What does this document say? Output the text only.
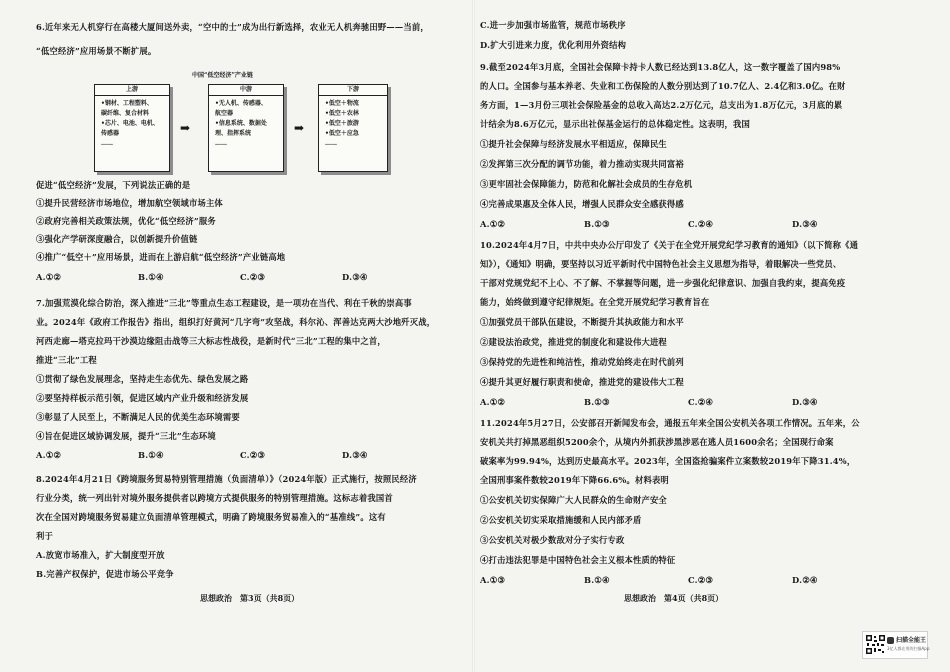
6.近年来无人机穿行在高楼大厦间送外卖，“空中的士”成为出行新选择，农业无人机奔驰田野——当前，
“低空经济”应用场景不断扩展。
中国“低空经济”产业链
上游
•钢材、工程塑料、
碳纤维、复合材料
•芯片、电池、电机、
传感器
……
➡
中游
•无人机、传感器、
航空器
•信息系统、数据处
理、指挥系统
……
➡
下游
•低空＋物流
•低空＋农林
•低空＋旅游
•低空＋应急
……
促进“低空经济”发展，下列说法正确的是
①提升民营经济市场地位，增加航空领域市场主体
②政府完善相关政策法规，优化“低空经济”服务
③强化产学研深度融合，以创新提升价值链
④推广“低空＋”应用场景，进而在上游启航“低空经济”产业链高地
A.①②	B.①④	C.②③	D.③④
7.加强荒漠化综合防治，深入推进“三北”等重点生态工程建设，是一项功在当代、利在千秋的崇高事
业。2024年《政府工作报告》指出，组织打好黄河“几字弯”攻坚战，科尔沁、浑善达克两大沙地歼灭战，
河西走廊—塔克拉玛干沙漠边缘阻击战等三大标志性战役，是新时代“三北”工程的集中之首，
推进“三北”工程
①贯彻了绿色发展理念，坚持走生态优先、绿色发展之路
②要坚持样板示范引领，促进区域内产业升级和经济发展
③彰显了人民至上，不断满足人民的优美生态环境需要
④旨在促进区域协调发展，提升“三北”生态环境
A.①②	B.①④	C.②③	D.③④
8.2024年4月21日《跨境服务贸易特别管理措施（负面清单）》（2024年版）正式施行，按照民经济
行业分类，统一列出针对境外服务提供者以跨境方式提供服务的特别管理措施。这标志着我国首
次在全国对跨境服务贸易建立负面清单管理模式，明确了跨境服务贸易准入的“基准线”。这有
利于
A.放宽市场准入，扩大制度型开放
B.完善产权保护，促进市场公平竞争
思想政治　第3页（共8页）
C.进一步加强市场监管，规范市场秩序
D.扩大引进来力度，优化利用外资结构
9.截至2024年3月底，全国社会保障卡持卡人数已经达到13.8亿人，这一数字覆盖了国内98%
的人口。全国参与基本养老、失业和工伤保险的人数分别达到了10.7亿人、2.4亿和3.0亿。在财
务方面，1—3月份三项社会保险基金的总收入高达2.2万亿元，总支出为1.8万亿元，3月底的累
计结余为8.6万亿元，显示出社保基金运行的总体稳定性。这表明，我国
①提升社会保障与经济发展水平相适应，保障民生
②发挥第三次分配的调节功能，着力推动实现共同富裕
③更牢固社会保障能力，防范和化解社会成员的生存危机
④完善成果惠及全体人民，增强人民群众安全感获得感
A.①②	B.①③	C.②④	D.③④
10.2024年4月7日，中共中央办公厅印发了《关于在全党开展党纪学习教育的通知》（以下简称《通
知》），《通知》明确，要坚持以习近平新时代中国特色社会主义思想为指导，着眼解决一些党员、
干部对党规党纪不上心、不了解、不掌握等问题，进一步强化纪律意识、加强自我约束，提高免疫
能力，始终做到遵守纪律规矩。在全党开展党纪学习教育旨在
①加强党员干部队伍建设，不断提升其执政能力和水平
②建设法治政党，推进党的制度化和建设伟大进程
③保持党的先进性和纯洁性，推动党始终走在时代前列
④提升其更好履行职责和使命，推进党的建设伟大工程
A.①②	B.①③	C.②④	D.③④
11.2024年5月27日，公安部召开新闻发布会，通报五年来全国公安机关各项工作情况。五年来，公
安机关共打掉黑恶组织5200余个，从境内外抓获涉黑涉恶在逃人员1600余名；全国现行命案
破案率为99.94%，达到历史最高水平。2023年，全国盗抢骗案件立案数较2019年下降31.4%，
全国刑事案件数较2019年下降66.6%。材料表明
①公安机关切实保障广大人民群众的生命财产安全
②公安机关切实采取措施缓和人民内部矛盾
③公安机关对极少数敌对分子实行专政
④打击违法犯罪是中国特色社会主义根本性质的特征
A.①③	B.①④	C.②③	D.②④
思想政治　第4页（共8页）
扫描全能王
3亿人都在用的扫描App
